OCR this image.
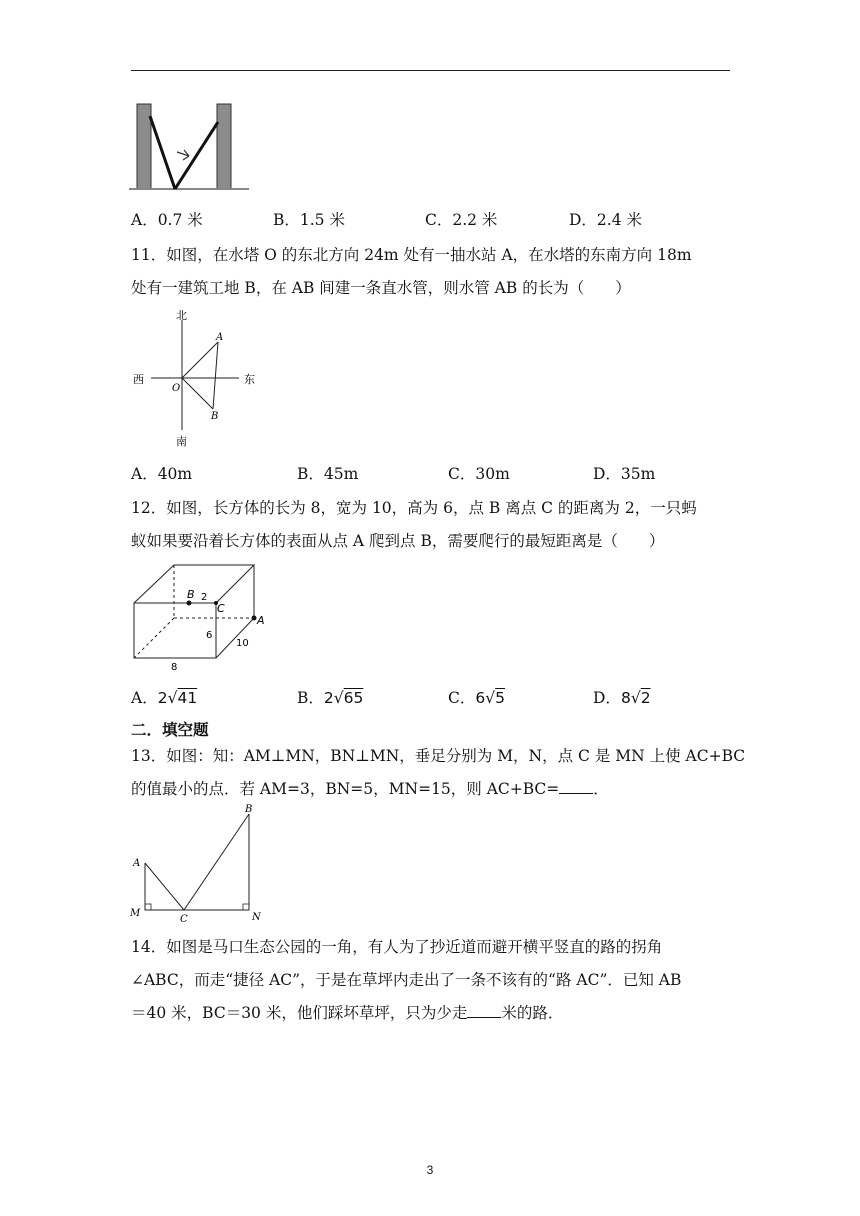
A．0.7 米	B．1.5 米	C．2.2 米	D．2.4 米
11．如图，在水塔 O 的东北方向 24m 处有一抽水站 A，在水塔的东南方向 18m
处有一建筑工地 B，在 AB 间建一条直水管，则水管 AB 的长为（　　）
北
南
西	东
O
A
B
A．40m	B．45m	C．30m	D．35m
12．如图，长方体的长为 8，宽为 10，高为 6，点 B 离点 C 的距离为 2，一只蚂
蚁如果要沿着长方体的表面从点 A 爬到点 B，需要爬行的最短距离是（　　）
B 2
C
A
6
10
8
A．2√41	B．2√65	C．6√5	D．8√2
二．填空题
13．如图：知：AM⊥MN，BN⊥MN，垂足分别为 M，N，点 C 是 MN 上使 AC+BC
的值最小的点．若 AM=3，BN=5，MN=15，则 AC+BC= ．
A
B
M
C	N
14．如图是马口生态公园的一角，有人为了抄近道而避开横平竖直的路的拐角
∠ABC，而走“捷径 AC”，于是在草坪内走出了一条不该有的“路 AC”．已知 AB
＝40 米，BC＝30 米，他们踩坏草坪，只为少走 米的路．
3
